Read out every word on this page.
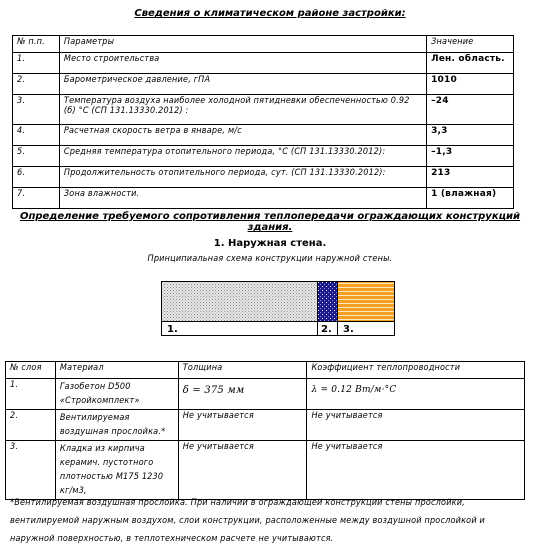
Сведения о климатическом районе застройки:
№ п.п.	Параметры	Значение
1.	Место строительства	Лен. область.
2.	Барометрическое давление, гПА	1010
3.	Температура воздуха наиболее холодной пятидневки обеспеченностью 0.92 (б) °С (СП 131.13330.2012) :	–24
4.	Расчетная скорость ветра в январе, м/с	3,3
5.	Средняя температура отопительного периода, °С (СП 131.13330.2012):	–1,3
6.	Продолжительность отопительного периода, сут. (СП 131.13330.2012):	213
7.	Зона влажности.	1 (влажная)
Определение требуемого сопротивления теплопередачи ограждающих конструкций здания.
1. Наружная стена.
Принципиальная схема конструкции наружной стены.
1.	2. 3.
№ слоя	Материал	Толщина	Коэффициент теплопроводности
1.	Газобетон D500 «Стройкомплект»	δ = 375 мм	λ = 0.12 Вт/м·°С
2.	Вентилируемая воздушная прослойка.*	Не учитывается	Не учитывается
3.	Кладка из кирпича керамич. пустотного плотностью М175 1230 кг/м3,	Не учитывается	Не учитывается
*Вентилируемая воздушная прослойка. При наличии в ограждающей конструкции стены прослойки, вентилируемой наружным воздухом, слои конструкции, расположенные между воздушной прослойкой и наружной поверхностью, в теплотехническом расчете не учитываются.
